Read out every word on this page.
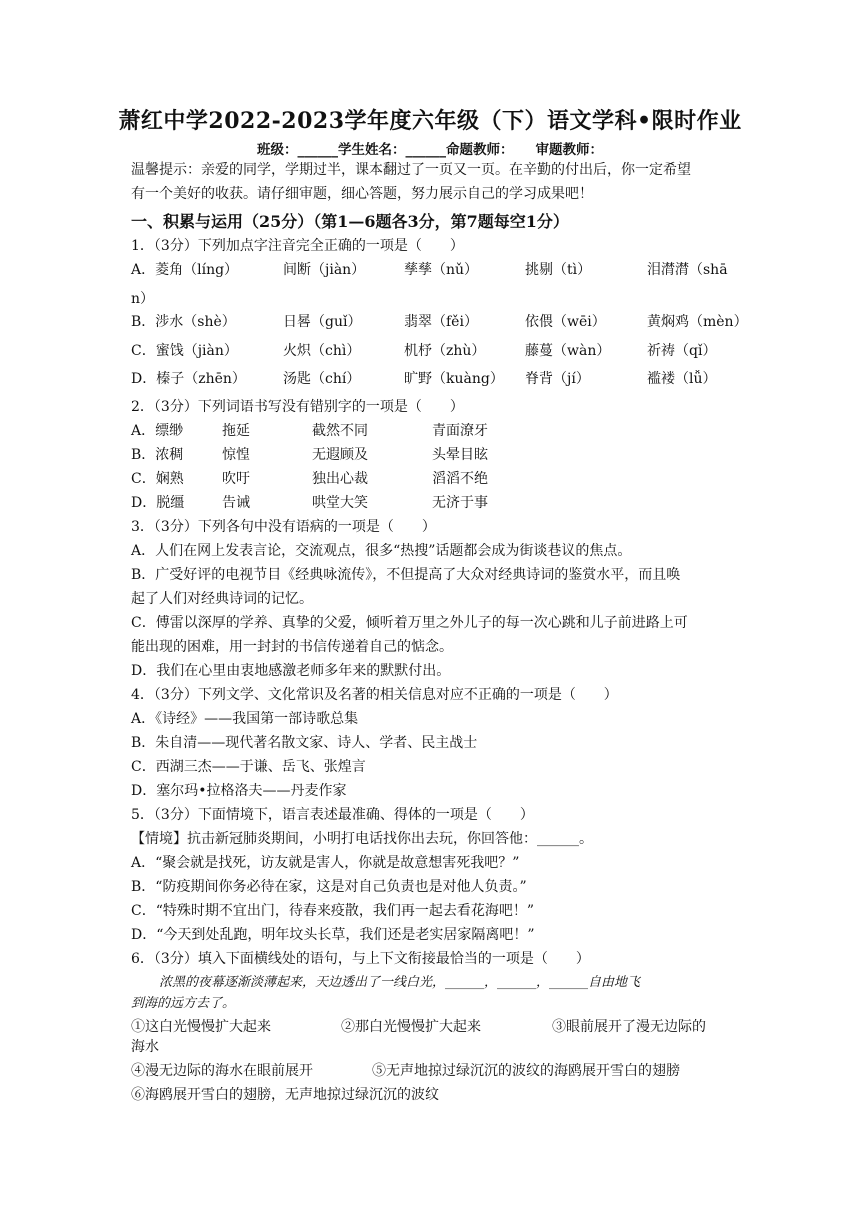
萧红中学2022-2023学年度六年级（下）语文学科•限时作业
班级：______学生姓名：______命题教师： 审题教师：
温馨提示：亲爱的同学，学期过半，课本翻过了一页又一页。在辛勤的付出后，你一定希望
有一个美好的收获。请仔细审题，细心答题，努力展示自己的学习成果吧！
一、积累与运用（25分）（第1—6题各3分，第7题每空1分）
1．（3分）下列加点字注音完全正确的一项是（　　）
A．菱角（líng）	间断（jiàn）	孳孳（nǔ）	挑剔（tì）	泪潸潸（shā
n）
B．涉水（shè）	日晷（guǐ）	翡翠（fěi）	依偎（wēi）	黄焖鸡（mèn）
C．蜜饯（jiàn）	火炽（chì）	机杼（zhù）	藤蔓（wàn）	祈祷（qǐ）
D．榛子（zhēn）	汤匙（chí）	旷野（kuàng） 脊背（jí）	褴褛（lǚ）
2．（3分）下列词语书写没有错别字的一项是（　　）
A．缥缈	拖延	截然不同	青面潦牙
B．浓稠	惊惶	无遐顾及	头晕目眩
C．娴熟	吹吁	独出心裁	滔滔不绝
D．脱缰	告诫	哄堂大笑	无济于事
3．（3分）下列各句中没有语病的一项是（　　）
A．人们在网上发表言论，交流观点，很多“热搜”话题都会成为街谈巷议的焦点。
B．广受好评的电视节目《经典咏流传》，不但提高了大众对经典诗词的鉴赏水平，而且唤
起了人们对经典诗词的记忆。
C．傅雷以深厚的学养、真挚的父爱，倾听着万里之外儿子的每一次心跳和儿子前进路上可
能出现的困难，用一封封的书信传递着自己的惦念。
D．我们在心里由衷地感激老师多年来的默默付出。
4．（3分）下列文学、文化常识及名著的相关信息对应不正确的一项是（　　）
A．《诗经》——我国第一部诗歌总集
B．朱自清——现代著名散文家、诗人、学者、民主战士
C．西湖三杰——于谦、岳飞、张煌言
D．塞尔玛•拉格洛夫——丹麦作家
5．（3分）下面情境下，语言表述最准确、得体的一项是（　　）
【情境】抗击新冠肺炎期间，小明打电话找你出去玩，你回答他：______。
A．“聚会就是找死，访友就是害人，你就是故意想害死我吧？”
B．“防疫期间你务必待在家，这是对自己负责也是对他人负责。”
C．“特殊时期不宜出门，待春来疫散，我们再一起去看花海吧！”
D．“今天到处乱跑，明年坟头长草，我们还是老实居家隔离吧！”
6．（3分）填入下面横线处的语句，与上下文衔接最恰当的一项是（　　）
浓黑的夜幕逐渐淡薄起来，天边透出了一线白光，______，______，______自由地飞
到海的远方去了。
①这白光慢慢扩大起来	②那白光慢慢扩大起来	③眼前展开了漫无边际的
海水
④漫无边际的海水在眼前展开	⑤无声地掠过绿沉沉的波纹的海鸥展开雪白的翅膀
⑥海鸥展开雪白的翅膀，无声地掠过绿沉沉的波纹
